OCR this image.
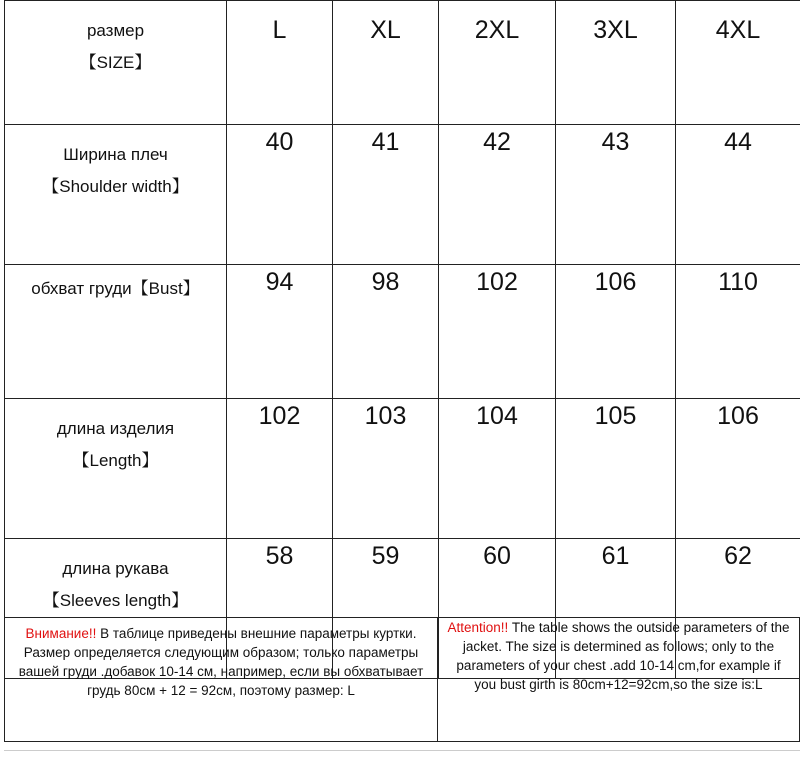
размер
【SIZE】	L	XL	2XL	3XL	4XL

Ширина плеч
【Shoulder width】	40	41	42	43	44

обхват груди【Bust】	94	98	102	106	110

длина изделия
【Length】	102	103	104	105	106

длина рукава
【Sleeves length】	58	59	60	61	62
Внимание!! В таблице приведены внешние параметры куртки. Размер определяется следующим образом; только параметры вашей груди .добавок 10-14 см, например, если вы обхватывает грудь 80см + 12 = 92см, поэтому размер: L
Attention!! The table shows the outside parameters of the jacket. The size is determined as follows; only to the parameters of your chest .add 10-14 cm,for example if you bust girth is 80cm+12=92cm,so the size is:L
